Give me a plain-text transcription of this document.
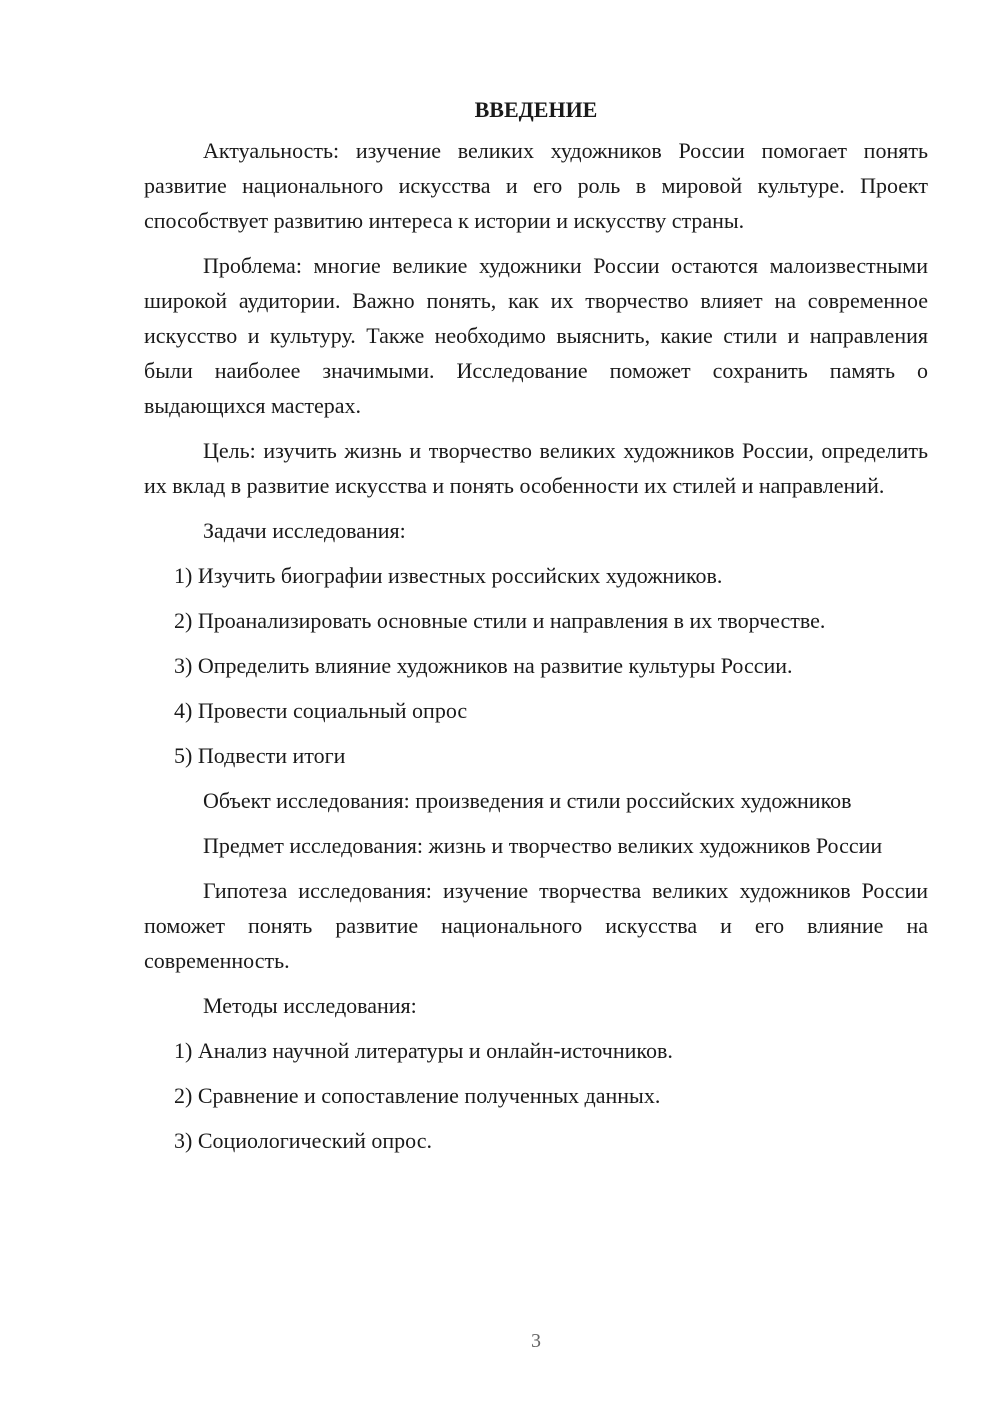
ВВЕДЕНИЕ

Актуальность: изучение великих художников России помогает понять развитие национального искусства и его роль в мировой культуре. Проект способствует развитию интереса к истории и искусству страны.

Проблема: многие великие художники России остаются малоизвестными широкой аудитории. Важно понять, как их творчество влияет на современное искусство и культуру. Также необходимо выяснить, какие стили и направления были наиболее значимыми. Исследование поможет сохранить память о выдающихся мастерах.

Цель: изучить жизнь и творчество великих художников России, определить их вклад в развитие искусства и понять особенности их стилей и направлений.

Задачи исследования:

1) Изучить биографии известных российских художников.

2) Проанализировать основные стили и направления в их творчестве.

3) Определить влияние художников на развитие культуры России.

4) Провести социальный опрос

5) Подвести итоги

Объект исследования: произведения и стили российских художников

Предмет исследования: жизнь и творчество великих художников России

Гипотеза исследования: изучение творчества великих художников России поможет понять развитие национального искусства и его влияние на современность.

Методы исследования:

1) Анализ научной литературы и онлайн-источников.

2) Сравнение и сопоставление полученных данных.

3) Социологический опрос.

3
